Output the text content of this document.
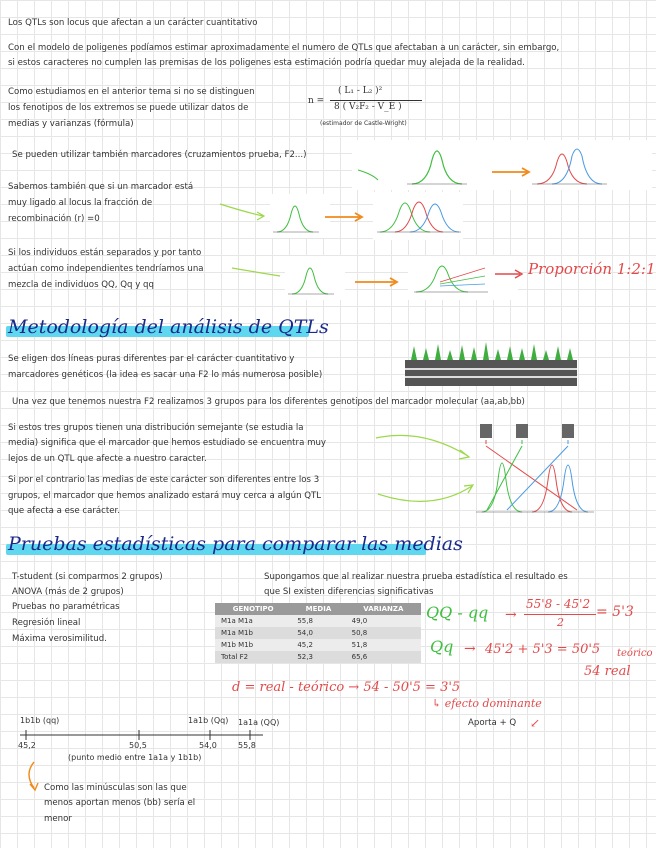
Los QTLs son locus que afectan a un carácter cuantitativo
Con el modelo de poligenes podíamos estimar aproximadamente el numero de QTLs que afectaban a un carácter, sin embargo,
si estos caracteres no cumplen las premisas de los poligenes esta estimación podría quedar muy alejada de la realidad.
Como estudiamos en el anterior tema si no se distinguen
los fenotipos de los extremos se puede utilizar datos de
medias y varianzas (fórmula)
n =
( L₁ - L₂ )²
8 ( V₂F₂ - V_E )
(estimador de Castle-Wright)
Se pueden utilizar también marcadores (cruzamientos prueba, F2...)
Sabemos también que si un marcador está
muy ligado al locus la fracción de
recombinación (r) =0
Si los individuos están separados y por tanto
actúan como independientes tendríamos una
mezcla de individuos QQ, Qq y qq
Proporción 1:2:1
Metodología del análisis de QTLs
Se eligen dos líneas puras diferentes par el carácter cuantitativo y
marcadores genéticos (la idea es sacar una F2 lo más numerosa posible)
Una vez que tenemos nuestra F2 realizamos 3 grupos para los diferentes genotipos del marcador molecular (aa,ab,bb)
Si estos tres grupos tienen una distribución semejante (se estudia la
media) significa que el marcador que hemos estudiado se encuentra muy
lejos de un QTL que afecte a nuestro caracter.
Si por el contrario las medias de este carácter son diferentes entre los 3
grupos, el marcador que hemos analizado estará muy cerca a algún QTL
que afecta a ese carácter.
Pruebas estadísticas para comparar las medias
T-student (si comparmos 2 grupos)
ANOVA (más de 2 grupos)
Pruebas no paramétricas
Regresión lineal
Máxima verosimilitud.
Supongamos que al realizar nuestra prueba estadística el resultado es
que SI existen diferencias significativas
GENOTIPO	MEDIA	VARIANZA
M1a M1a	55,8	49,0
M1a M1b	54,0	50,8
M1b M1b	45,2	51,8
Total F2	52,3	65,6
QQ - qq →
55'8 - 45'2
2
= 5'3
Qq → 45'2 + 5'3 = 50'5 teórico
54 real
d = real - teórico → 54 - 50'5 = 3'5
↳ efecto dominante
Aporta + Q ↙
1b1b (qq)	1a1b (Qq) 1a1a (QQ)
45,2	50,5	54,0	55,8
(punto medio entre 1a1a y 1b1b)
Como las minúsculas son las que
menos aportan menos (bb) sería el
menor
